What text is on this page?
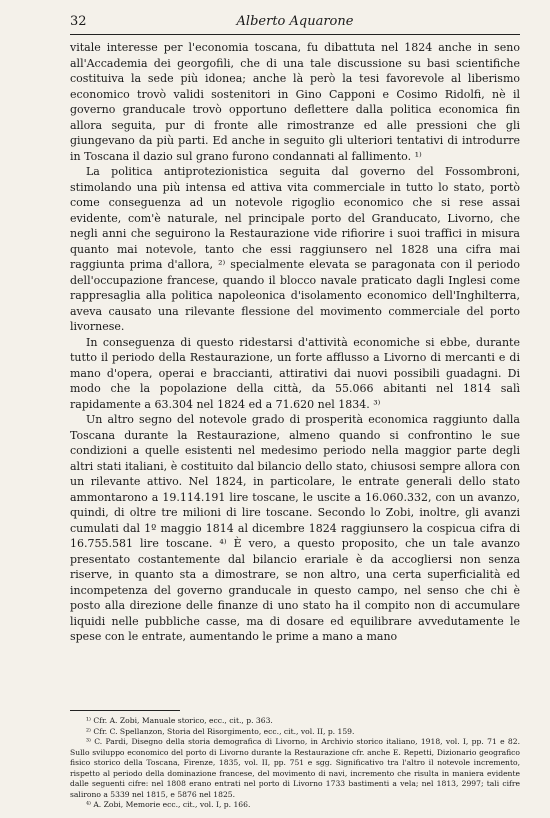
32	Alberto Aquarone

vitale interesse per l'economia toscana, fu dibattuta nel 1824 anche in seno all'Accademia dei georgofili, che di una tale discussione su basi scientifiche costituiva la sede più idonea; anche là però la tesi favorevole al liberismo economico trovò validi sostenitori in Gino Capponi e Cosimo Ridolfi, nè il governo granducale trovò opportuno deflettere dalla politica economica fin allora seguita, pur di fronte alle rimostranze ed alle pressioni che gli giungevano da più parti. Ed anche in seguito gli ulteriori tentativi di introdurre in Toscana il dazio sul grano furono condannati al fallimento. ¹⁾

La politica antiprotezionistica seguita dal governo del Fossombroni, stimolando una più intensa ed attiva vita commerciale in tutto lo stato, portò come conseguenza ad un notevole rigoglio economico che si rese assai evidente, com'è naturale, nel principale porto del Granducato, Livorno, che negli anni che seguirono la Restaurazione vide rifiorire i suoi traffici in misura quanto mai notevole, tanto che essi raggiunsero nel 1828 una cifra mai raggiunta prima d'allora, ²⁾ specialmente elevata se paragonata con il periodo dell'occupazione francese, quando il blocco navale praticato dagli Inglesi come rappresaglia alla politica napoleonica d'isolamento economico dell'Inghilterra, aveva causato una rilevante flessione del movimento commerciale del porto livornese.

In conseguenza di questo ridestarsi d'attività economiche si ebbe, durante tutto il periodo della Restaurazione, un forte afflusso a Livorno di mercanti e di mano d'opera, operai e braccianti, attirativi dai nuovi possibili guadagni. Di modo che la popolazione della città, da 55.066 abitanti nel 1814 salì rapidamente a 63.304 nel 1824 ed a 71.620 nel 1834. ³⁾

Un altro segno del notevole grado di prosperità economica raggiunto dalla Toscana durante la Restaurazione, almeno quando si confrontino le sue condizioni a quelle esistenti nel medesimo periodo nella maggior parte degli altri stati italiani, è costituito dal bilancio dello stato, chiusosi sempre allora con un rilevante attivo. Nel 1824, in particolare, le entrate generali dello stato ammontarono a 19.114.191 lire toscane, le uscite a 16.060.332, con un avanzo, quindi, di oltre tre milioni di lire toscane. Secondo lo Zobi, inoltre, gli avanzi cumulati dal 1º maggio 1814 al dicembre 1824 raggiunsero la cospicua cifra di 16.755.581 lire toscane. ⁴⁾ È vero, a questo proposito, che un tale avanzo presentato costantemente dal bilancio erariale è da accogliersi non senza riserve, in quanto sta a dimostrare, se non altro, una certa superficialità ed incompetenza del governo granducale in questo campo, nel senso che chi è posto alla direzione delle finanze di uno stato ha il compito non di accumulare liquidi nelle pubbliche casse, ma di dosare ed equilibrare avvedutamente le spese con le entrate, aumentando le prime a mano a mano

¹⁾ Cfr. A. Zobi, Manuale storico, ecc., cit., p. 363.
²⁾ Cfr. C. Spellanzon, Storia del Risorgimento, ecc., cit., vol. II, p. 159.
³⁾ C. Pardi, Disegno della storia demografica di Livorno, in Archivio storico italiano, 1918, vol. I, pp. 71 e 82. Sullo sviluppo economico del porto di Livorno durante la Restaurazione cfr. anche E. Repetti, Dizionario geografico fisico storico della Toscana, Firenze, 1835, vol. II, pp. 751 e sgg. Significativo tra l'altro il notevole incremento, rispetto al periodo della dominazione francese, del movimento di navi, incremento che risulta in maniera evidente dalle seguenti cifre: nel 1808 erano entrati nel porto di Livorno 1733 bastimenti a vela; nel 1813, 2997; tali cifre salirono a 5339 nel 1815, e 5876 nel 1825.
⁴⁾ A. Zobi, Memorie ecc., cit., vol. I, p. 166.
